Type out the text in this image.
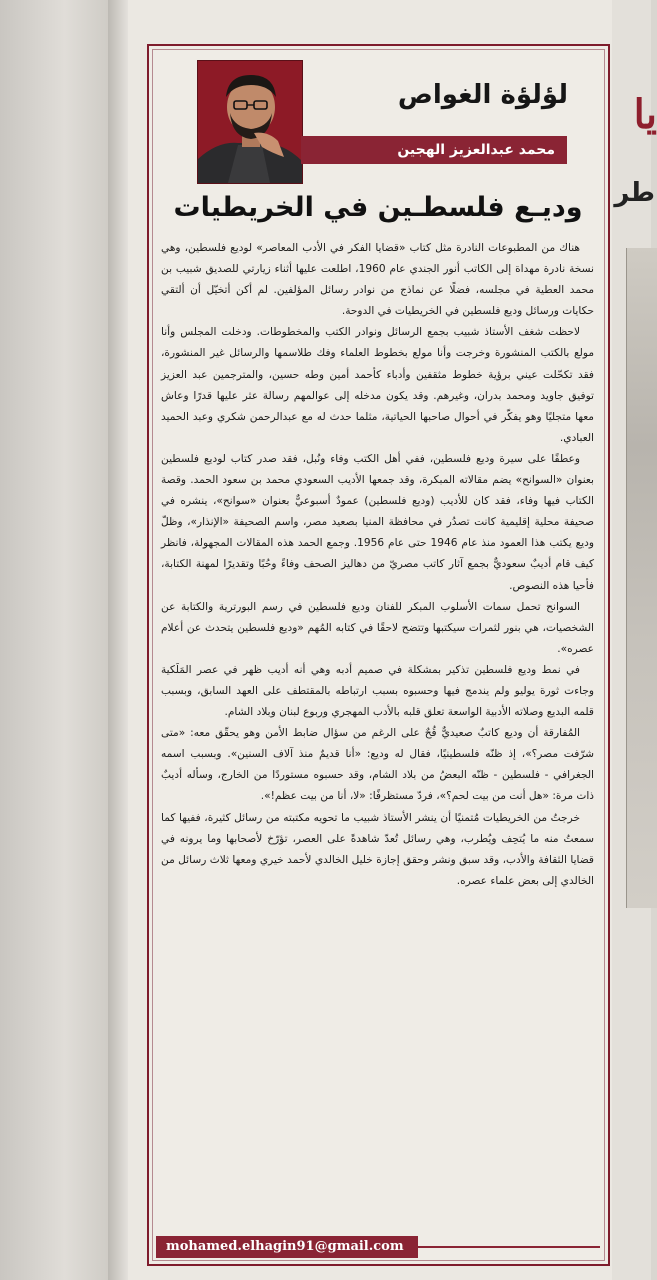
يا
طر
لؤلؤة الغواص
محمد عبدالعزيز الهجين
وديـع فلسطـين في الخريطيات

هناك من المطبوعات النادرة مثل كتاب «قضايا الفكر في الأدب المعاصر» لوديع فلسطين، وهي نسخة نادرة مهداة إلى الكاتب أنور الجندي عام 1960، اطلعت عليها أثناء زيارتي للصديق شبيب بن محمد العطية في مجلسه، فضلًا عن نماذج من نوادر رسائل المؤلفين. لم أكن أتخيّل أن ألتقي حكايات ورسائل وديع فلسطين في الخريطيات في الدوحة.

لاحظت شغف الأستاذ شبيب بجمع الرسائل ونوادر الكتب والمخطوطات. ودخلت المجلس وأنا مولع بالكتب المنشورة وخرجت وأنا مولع بخطوط العلماء وفك طلاسمها والرسائل غير المنشورة، فقد تكحّلت عيني برؤية خطوط مثقفين وأدباء كأحمد أمين وطه حسين، والمترجمين عبد العزيز توفيق جاويد ومحمد بدران، وغيرهم. وقد يكون مدخله إلى عوالمهم رسالة عثر عليها قدرًا وعاش معها متجليًا وهو يفكّر في أحوال صاحبها الحياتية، مثلما حدث له مع عبدالرحمن شكري وعبد الحميد العبادي.

وعطفًا على سيرة وديع فلسطين، ففي أهل الكتب وفاء ونُبل، فقد صدر كتاب لوديع فلسطين بعنوان «السوانح» يضم مقالاته المبكرة، وقد جمعها الأديب السعودي محمد بن سعود الحمد. وقصة الكتاب فيها وفاء، فقد كان للأديب (وديع فلسطين) عمودٌ أسبوعيٌّ بعنوان «سوانح»، ينشره في صحيفة محلية إقليمية كانت تصدُر في محافظة المنيا بصعيد مصر، واسم الصحيفة «الإنذار»، وظلّ وديع يكتب هذا العمود منذ عام 1946 حتى عام 1956. وجمع الحمد هذه المقالات المجهولة، فانظر كيف قام أديبٌ سعوديٌّ بجمع آثار كاتب مصريّ من دهاليز الصحف وفاءً وحُبًا وتقديرًا لمهنة الكتابة، فأحيا هذه النصوص.

السوانح تحمل سمات الأسلوب المبكر للفنان وديع فلسطين في رسم البورترية والكتابة عن الشخصيات، هي بنور لثمرات سيكتبها وتتضح لاحقًا في كتابه المُهم «وديع فلسطين يتحدث عن أعلام عصره».

في نمط وديع فلسطين تذكير بمشكلة في صميم أدبه وهي أنه أديب ظهر في عصر المَلَكية وجاءت ثورة يوليو ولم يندمج فيها وحسبوه بسبب ارتباطه بالمقتطف على العهد السابق، وبسبب قلمه البديع وصلاته الأدبية الواسعة تعلق قلبه بالأدب المهجري وربوع لبنان وبلاد الشام.

المُفارقة أن وديع كاتبٌ صعيديٌّ قُحٌ على الرغم من سؤال ضابط الأمن وهو يحقّق معه: «متى شرّفت مصر؟»، إذ ظنّه فلسطينيًا، فقال له وديع: «أنا قديمٌ منذ آلاف السنين». وبسبب اسمه الجغرافي - فلسطين - ظنّه البعضُ من بلاد الشام، وقد حسبوه مستوردًا من الخارج، وسأله أديبٌ ذات مرة: «هل أنت من بيت لحم؟»، فردّ مستظرفًا: «لا، أنا من بيت عظم!».

خرجتُ من الخريطيات مُتمنيًا أن ينشر الأستاذ شبيب ما تحويه مكتبته من رسائل كثيرة، ففيها كما سمعتُ منه ما يُتحِف ويُطرب، وهي رسائل تُعدّ شاهدةً على العصر، تؤرّخ لأصحابها وما يرونه في قضايا الثقافة والأدب، وقد سبق ونشر وحقق إجازة خليل الخالدي لأحمد خيري ومعها ثلاث رسائل من الخالدي إلى بعض علماء عصره.

mohamed.elhagin91@gmail.com
